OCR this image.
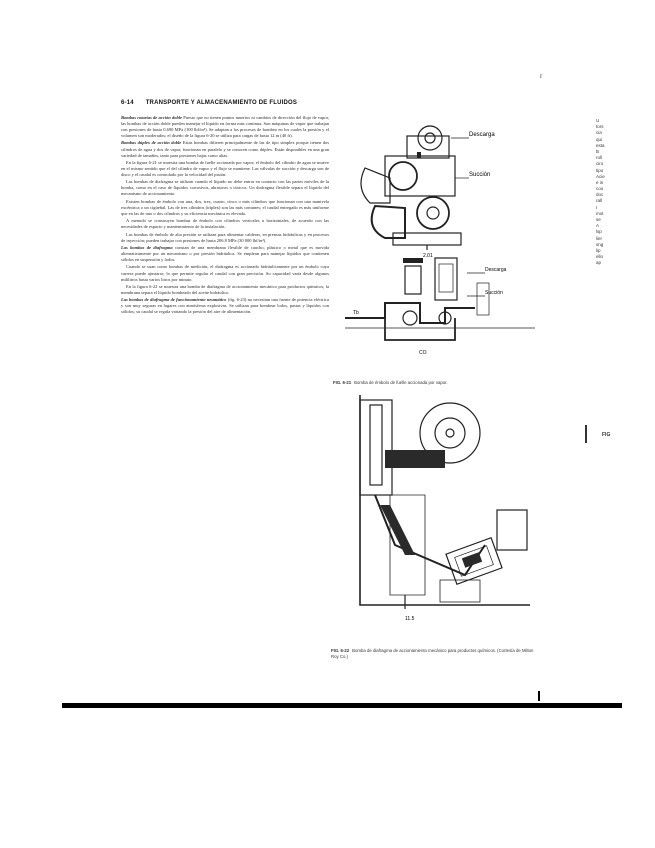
r
6-14 TRANSPORTE Y ALMACENAMIENTO DE FLUIDOS

Bombas rotarias de acción doble Puesto que no tienen puntos muertos ni cambios de dirección del flujo de vapor, las bombas de acción doble pueden manejar el líquido en forma más continua. Son máquinas de vapor que trabajan con presiones de hasta 0.690 MPa (100 lbf/in²). Se adaptan a los procesos de bombeo en los cuales la presión y el volumen son moderados; el diseño de la figura 6-20 se utiliza para cargas de hasta 12 m (40 ft).

Bombas dúplex de acción doble Estas bombas difieren principalmente de las de tipo símplex porque tienen dos cilindros de agua y dos de vapor, funcionan en paralelo y se conocen como dúplex. Están disponibles en una gran variedad de tamaños, tanto para presiones bajas como altas.

En la figura 6-21 se muestra una bomba de fuelle accionada por vapor; el émbolo del cilindro de agua se mueve en el mismo sentido que el del cilindro de vapor y el flujo se mantiene. Las válvulas de succión y descarga son de disco y el caudal es controlado por la velocidad del pistón.

Las bombas de diafragma se utilizan cuando el líquido no debe entrar en contacto con las partes móviles de la bomba, como en el caso de líquidos corrosivos, abrasivos o tóxicos. Un diafragma flexible separa el líquido del mecanismo de accionamiento.

Existen bombas de émbolo con una, dos, tres, cuatro, cinco o más cilindros que funcionan con una manivela excéntrica o un cigüeñal. Las de tres cilindros (tríplex) son las más comunes; el caudal entregado es más uniforme que en las de uno o dos cilindros y su eficiencia mecánica es elevada.

A menudo se construyen bombas de émbolo con cilindros verticales u horizontales, de acuerdo con las necesidades de espacio y mantenimiento de la instalación.

Las bombas de émbolo de alta presión se utilizan para alimentar calderas, en prensas hidráulicas y en procesos de inyección; pueden trabajar con presiones de hasta 206.8 MPa (30 000 lbf/in²).

Las bombas de diafragma constan de una membrana flexible de caucho, plástico o metal que es movida alternativamente por un mecanismo o por presión hidráulica. Se emplean para manejar líquidos que contienen sólidos en suspensión y lodos.

Cuando se usan como bombas de medición, el diafragma es accionado hidráulicamente por un émbolo cuya carrera puede ajustarse, lo que permite regular el caudal con gran precisión. Su capacidad varía desde algunos mililitros hasta varios litros por minuto.

En la figura 6-22 se muestra una bomba de diafragma de accionamiento mecánico para productos químicos; la membrana separa el líquido bombeado del aceite hidráulico.

Las bombas de diafragma de funcionamiento neumático (fig. 6-23) no necesitan una fuente de potencia eléctrica y son muy seguras en lugares con atmósferas explosivas. Se utilizan para bombear lodos, pastas y líquidos con sólidos; su caudal se regula variando la presión del aire de alimentación.

Descarga
Succión
2.01
Tb
Descarga
Succión
CO
FIG. 6-21 Bomba de émbolo de fuelle accionada por vapor.
11.5
FIG. 6-22 Bomba de diafragma de accionamiento mecánico para productos químicos. (Cortesía de Milton Roy Co.)
U
tors
cia
qui
esta
B
roll
ciro
tipo
Acie
e in
coo
doc
rall
I
mot
se
A
lsp
lier
sng
lip
ello
ap
FIG
